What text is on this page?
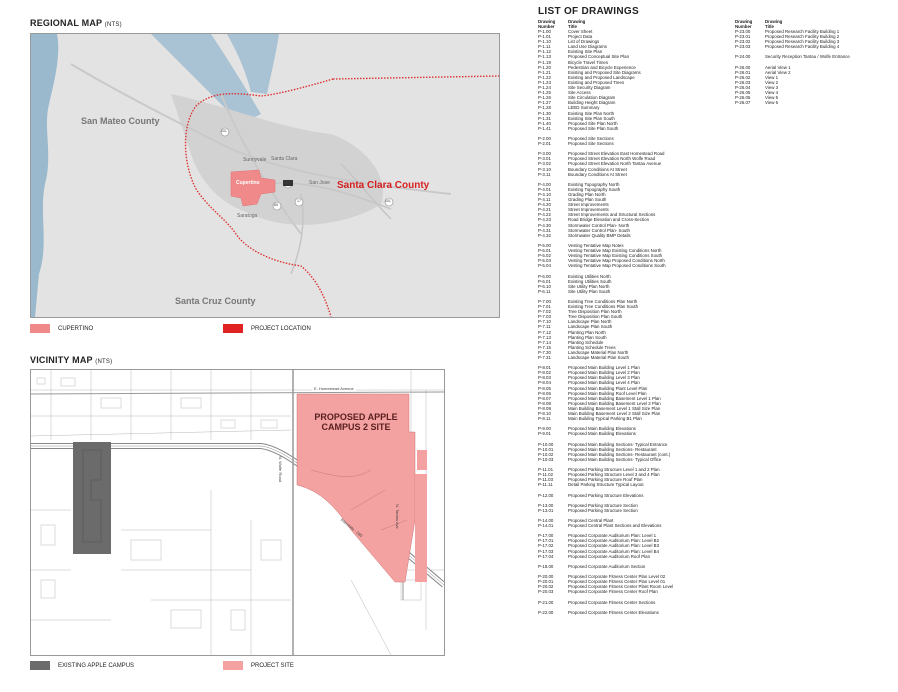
REGIONAL MAP (NTS)
San Mateo County
Santa Clara County
Santa Cruz County
Cupertino
Sunnyvale Santa Clara
San Jose
Saratoga
101
280
17	101
85
CUPERTINO	PROJECT LOCATION
VICINITY MAP (NTS)
E. Homestead Avenue
PROPOSED APPLE CAMPUS 2 SITE
N. Wolfe Road
N. Tantau Ave
Interstate - 280
EXISTING APPLE CAMPUS	PROJECT SITE
LIST OF DRAWINGS
Drawing
Number
Drawing
Title
P-1.00	Cover Sheet
P-1.01	Project Data
P-1.10	List of Drawings
P-1.11	Land Use Diagrams
P-1.12	Existing Site Plan
P-1.13	Proposed Conceptual Site Plan
P-1.19	Bicycle Travel Times
P-1.20	Pedestrian and Bicycle Experience
P-1.21	Existing and Proposed Site Diagrams
P-1.22	Existing and Proposed Landscape
P-1.23	Existing and Proposed Trees
P-1.24	Site Security Diagram
P-1.25	Site Access
P-1.26	Site Circulation Diagram
P-1.27	Building Height Diagram
P-1.28	LEED Summary
P-1.30	Existing Site Plan North
P-1.31	Existing Site Plan South
P-1.40	Proposed Site Plan North
P-1.41	Proposed Site Plan South
P-2.00	Proposed Site Sections
P-2.01	Proposed Site Sections
P-3.00	Proposed Street Elevation East Homestead Road
P-3.01	Proposed Street Elevation North Wolfe Road
P-3.02	Proposed Street Elevation North Tantau Avenue
P-3.10	Boundary Conditions At Street
P-3.11	Boundary Conditions At Street
P-4.00	Existing Topography North
P-4.01	Existing Topography South
P-4.10	Grading Plan North
P-4.11	Grading Plan South
P-4.20	Street Improvements
P-4.21	Street Improvements
P-4.22	Street Improvements and Structural Sections
P-4.23	Road Bridge Elevation and Cross-Section
P-4.30	Stormwater Control Plan- North
P-4.31	Stormwater Control Plan- South
P-4.32	Stormwater Quality BMP Details
P-5.00	Vesting Tentative Map Notes
P-5.01	Vesting Tentative Map Existing Conditions North
P-5.02	Vesting Tentative Map Existing Conditions South
P-5.03	Vesting Tentative Map Proposed Conditions North
P-5.04	Vesting Tentative Map Proposed Conditions South
P-6.00	Existing Utilities North
P-6.01	Existing Utilities South
P-6.10	Site Utility Plan North
P-6.11	Site Utility Plan South
P-7.00	Existing Tree Conditions Plan North
P-7.01	Existing Tree Conditions Plan South
P-7.02	Tree Disposition Plan North
P-7.03	Tree Disposition Plan South
P-7.10	Landscape Plan North
P-7.11	Landscape Plan South
P-7.12	Planting Plan North
P-7.13	Planting Plan South
P-7.14	Planting Schedule
P-7.15	Planting Schedule Trees
P-7.30	Landscape Material Plan North
P-7.31	Landscape Material Plan South
P-8.01	Proposed Main Building Level 1 Plan
P-8.02	Proposed Main Building Level 2 Plan
P-8.03	Proposed Main Building Level 3 Plan
P-8.04	Proposed Main Building Level 4 Plan
P-8.05	Proposed Main Building Plant Level Plan
P-8.06	Proposed Main Building Roof Level Plan
P-8.07	Proposed Main Building Basement Level 1 Plan
P-8.08	Proposed Main Building Basement Level 2 Plan
P-8.09	Main Building Basement Level 1 Stall Size Plan
P-8.10	Main Building Basement Level 2 Stall Size Plan
P-8.11	Main Building Typical Parking B1 Plan
P-9.00	Proposed Main Building Elevations
P-9.01	Proposed Main Building Elevations
P-10.00	Proposed Main Building Sections- Typical Entrance
P-10.01	Proposed Main Building Sections- Restaurant
P-10.02	Proposed Main Building Sections- Restaurant (cont.)
P-10.03	Proposed Main Building Sections- Typical Office
P-11.01	Proposed Parking Structure Level 1 and 2 Plan
P-11.02	Proposed Parking Structure Level 3 and 4 Plan
P-11.03	Proposed Parking Structure Roof Plan
P-11.11	Detail Parking Structure Typical Layout
P-12.00	Proposed Parking Structure Elevations
P-13.00	Proposed Parking Structure Section
P-13.01	Proposed Parking Structure Section
P-14.00	Proposed Central Plant
P-14.01	Proposed Central Plant Sections and Elevations
P-17.00	Proposed Corporate Auditorium Plan: Level 1
P-17.01	Proposed Corporate Auditorium Plan: Level B2
P-17.02	Proposed Corporate Auditorium Plan: Level B3
P-17.03	Proposed Corporate Auditorium Plan: Level B4
P-17.04	Proposed Corporate Auditorium Roof Plan
P-18.00	Proposed Corporate Auditorium Section
P-20.00	Proposed Corporate Fitness Center Plan Level 02
P-20.01	Proposed Corporate Fitness Center Plan Level 01
P-20.02	Proposed Corporate Fitness Center Plant Room Level
P-20.03	Proposed Corporate Fitness Center Roof Plan
P-21.00	Proposed Corporate Fitness Center Sections
P-22.00	Proposed Corporate Fitness Center Elevations
Drawing
Number
Drawing
Title
P-23.00	Proposed Research Facility Building 1
P-23.01	Proposed Research Facility Building 2
P-23.02	Proposed Research Facility Building 3
P-23.03	Proposed Research Facility Building 4
P-24.00	Security Reception Tantau / Wolfe Entrance
P-26.00	Aerial View 1
P-26.01	Aerial View 2
P-26.02	View 1
P-26.03	View 2
P-26.04	View 3
P-26.05	View 4
P-26.06	View 5
P-26.07	View 6
